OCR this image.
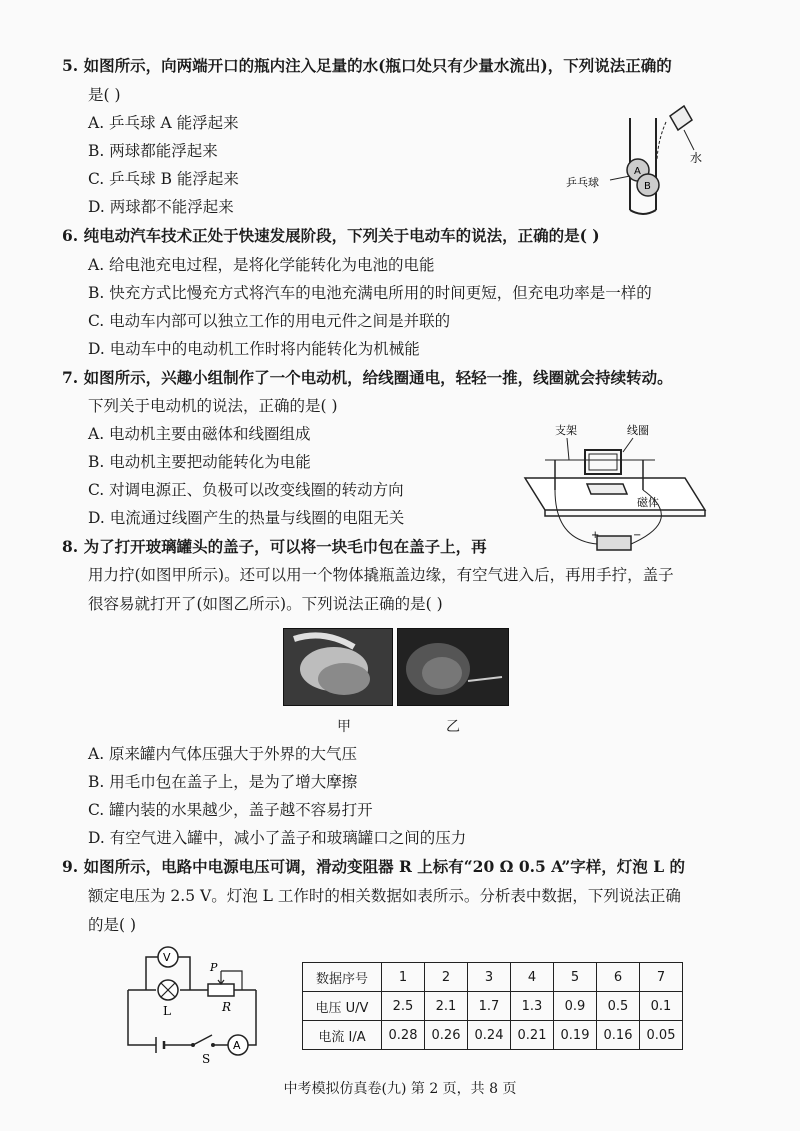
5. 如图所示，向两端开口的瓶内注入足量的水(瓶口处只有少量水流出)，下列说法正确的
是( )
A. 乒乓球 A 能浮起来
B. 两球都能浮起来
C. 乒乓球 B 能浮起来
D. 两球都不能浮起来
A
B
水
乒乓球
6. 纯电动汽车技术正处于快速发展阶段，下列关于电动车的说法，正确的是( )
A. 给电池充电过程，是将化学能转化为电池的电能
B. 快充方式比慢充方式将汽车的电池充满电所用的时间更短，但充电功率是一样的
C. 电动车内部可以独立工作的用电元件之间是并联的
D. 电动车中的电动机工作时将内能转化为机械能
7. 如图所示，兴趣小组制作了一个电动机，给线圈通电，轻轻一推，线圈就会持续转动。
下列关于电动机的说法，正确的是( )
A. 电动机主要由磁体和线圈组成
B. 电动机主要把动能转化为电能
C. 对调电源正、负极可以改变线圈的转动方向
D. 电流通过线圈产生的热量与线圈的电阻无关
支架	线圈
磁体
+	−
8. 为了打开玻璃罐头的盖子，可以将一块毛巾包在盖子上，再
用力拧(如图甲所示)。还可以用一个物体撬瓶盖边缘，有空气进入后，再用手拧，盖子
很容易就打开了(如图乙所示)。下列说法正确的是( )
甲	乙
A. 原来罐内气体压强大于外界的大气压
B. 用毛巾包在盖子上，是为了增大摩擦
C. 罐内装的水果越少，盖子越不容易打开
D. 有空气进入罐中，减小了盖子和玻璃罐口之间的压力
9. 如图所示，电路中电源电压可调，滑动变阻器 R 上标有“20 Ω 0.5 A”字样，灯泡 L 的
额定电压为 2.5 V。灯泡 L 工作时的相关数据如表所示。分析表中数据，下列说法正确
的是( )
S
A
L
P
R
V
数据序号	1	2	3	4	5	6	7
电压 U/V	2.5	2.1	1.7	1.3	0.9	0.5	0.1
电流 I/A	0.28	0.26	0.24	0.21	0.19	0.16	0.05
中考模拟仿真卷(九) 第 2 页，共 8 页
